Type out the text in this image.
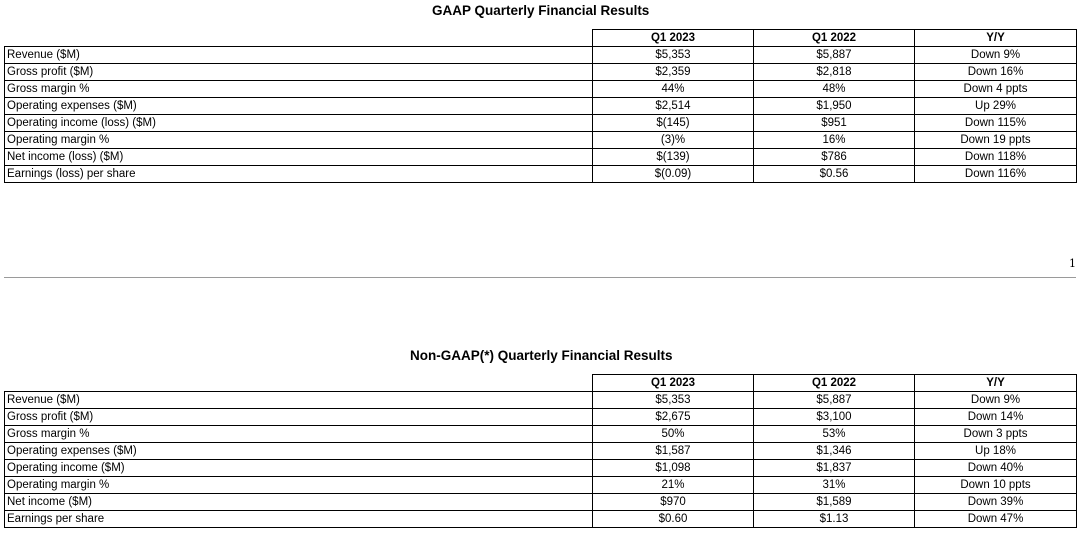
GAAP Quarterly Financial Results
	Q1 2023	Q1 2022	Y/Y
Revenue ($M)	$5,353	$5,887	Down 9%
Gross profit ($M)	$2,359	$2,818	Down 16%
Gross margin %	44%	48%	Down 4 ppts
Operating expenses ($M)	$2,514	$1,950	Up 29%
Operating income (loss) ($M)	$(145)	$951	Down 115%
Operating margin %	(3)%	16%	Down 19 ppts
Net income (loss) ($M)	$(139)	$786	Down 118%
Earnings (loss) per share	$(0.09)	$0.56	Down 116%
1
Non-GAAP(*) Quarterly Financial Results
	Q1 2023	Q1 2022	Y/Y
Revenue ($M)	$5,353	$5,887	Down 9%
Gross profit ($M)	$2,675	$3,100	Down 14%
Gross margin %	50%	53%	Down 3 ppts
Operating expenses ($M)	$1,587	$1,346	Up 18%
Operating income ($M)	$1,098	$1,837	Down 40%
Operating margin %	21%	31%	Down 10 ppts
Net income ($M)	$970	$1,589	Down 39%
Earnings per share	$0.60	$1.13	Down 47%
